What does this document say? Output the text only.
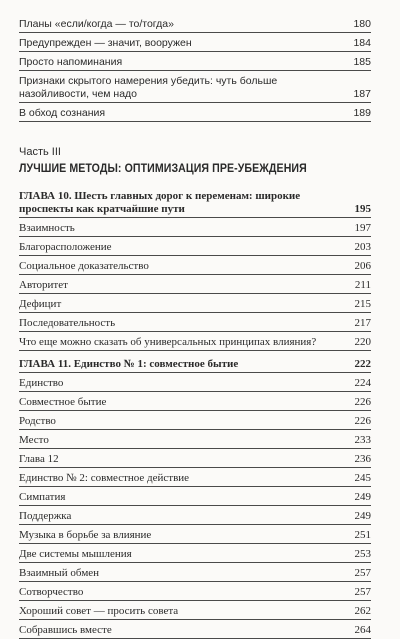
Планы «если/когда — то/тогда»	180
Предупрежден — значит, вооружен	184
Просто напоминания	185
Признаки скрытого намерения убедить: чуть больше назойливости, чем надо	187
В обход сознания	189
Часть III
ЛУЧШИЕ МЕТОДЫ: ОПТИМИЗАЦИЯ ПРЕ-УБЕЖДЕНИЯ
ГЛАВА 10. Шесть главных дорог к переменам: широкие проспекты как кратчайшие пути	195
Взаимность	197
Благорасположение	203
Социальное доказательство	206
Авторитет	211
Дефицит	215
Последовательность	217
Что еще можно сказать об универсальных принципах влияния?	220
ГЛАВА 11. Единство № 1: совместное бытие	222
Единство	224
Совместное бытие	226
Родство	226
Место	233
Глава 12	236
Единство № 2: совместное действие	245
Симпатия	249
Поддержка	249
Музыка в борьбе за влияние	251
Две системы мышления	253
Взаимный обмен	257
Сотворчество	257
Хороший совет — просить совета	262
Собравшись вместе	264
